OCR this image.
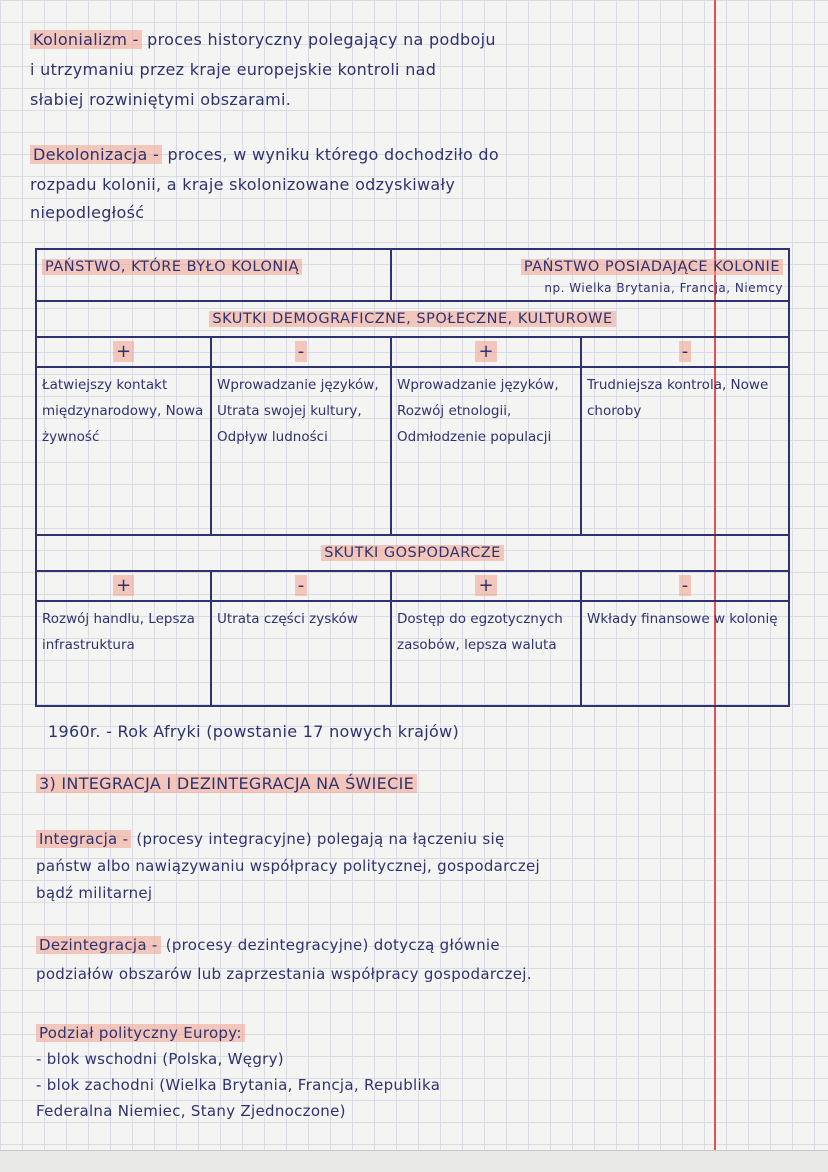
Kolonializm - proces historyczny polegający na podboju
i utrzymaniu przez kraje europejskie kontroli nad
słabiej rozwiniętymi obszarami.
Dekolonizacja - proces, w wyniku którego dochodziło do
rozpadu kolonii, a kraje skolonizowane odzyskiwały
niepodległość
PAŃSTWO, KTÓRE BYŁO KOLONIĄ		PAŃSTWO POSIADAJĄCE KOLONIE
np. Wielka Brytania, Francja, Niemcy	

SKUTKI DEMOGRAFICZNE, SPOŁECZNE, KULTUROWE			
+	-	+	-
Łatwiejszy kontakt międzynarodowy, Nowa żywność	Wprowadzanie języków, Utrata swojej kultury, Odpływ ludności	Wprowadzanie języków, Rozwój etnologii, Odmłodzenie populacji	Trudniejsza kontrola, Nowe choroby
SKUTKI GOSPODARCZE			
+	-	+	-
Rozwój handlu, Lepsza infrastruktura	Utrata części zysków	Dostęp do egzotycznych zasobów, lepsza waluta	Wkłady finansowe w kolonię
1960r. - Rok Afryki (powstanie 17 nowych krajów)
3) INTEGRACJA I DEZINTEGRACJA NA ŚWIECIE
Integracja - (procesy integracyjne) polegają na łączeniu się
państw albo nawiązywaniu współpracy politycznej, gospodarczej
bądź militarnej
Dezintegracja - (procesy dezintegracyjne) dotyczą głównie
podziałów obszarów lub zaprzestania współpracy gospodarczej.
Podział polityczny Europy:
- blok wschodni (Polska, Węgry)
- blok zachodni (Wielka Brytania, Francja, Republika
Federalna Niemiec, Stany Zjednoczone)
